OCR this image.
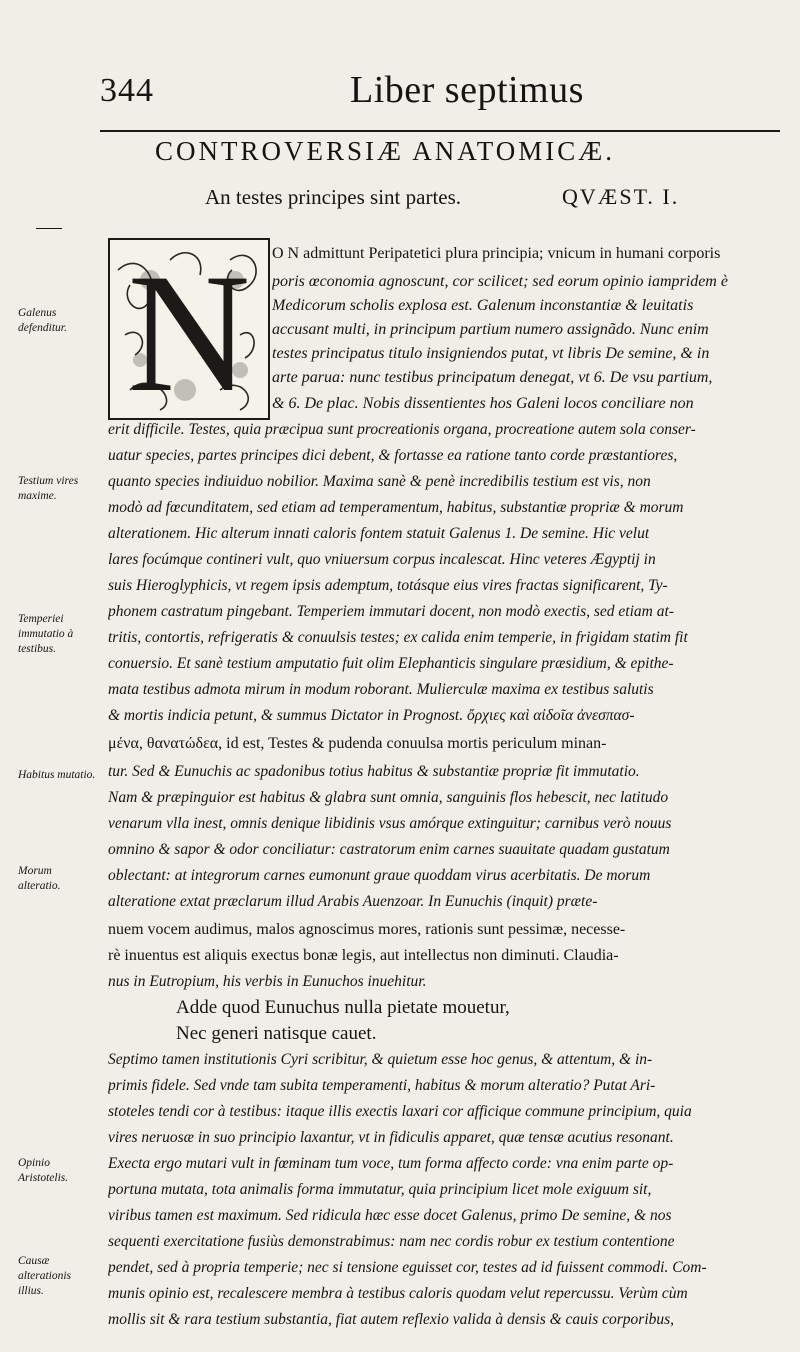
344	Liber septimus
CONTROVERSIÆ ANATOMICÆ.
An testes principes sint partes.	QVÆST. I.
N
Galenus defenditur.
Testium vires maxime.
Temperiei immutatio à testibus.
Habitus mutatio.
Morum alteratio.
Opinio Aristotelis.
Causæ alterationis illius.
O N admittunt Peripatetici plura principia; vnicum in humani corporis
poris œconomia agnoscunt, cor scilicet; sed eorum opinio iampridem è
Medicorum scholis explosa est. Galenum inconstantiæ & leuitatis
accusant multi, in principum partium numero assignãdo. Nunc enim
testes principatus titulo insigniendos putat, vt libris De semine, & in
arte parua: nunc testibus principatum denegat, vt 6. De vsu partium,
& 6. De plac. Nobis dissentientes hos Galeni locos conciliare non
erit difficile. Testes, quia præcipua sunt procreationis organa, procreatione autem sola conser-
uatur species, partes principes dici debent, & fortasse ea ratione tanto corde præstantiores,
quanto species indiuiduo nobilior. Maxima sanè & penè incredibilis testium est vis, non
modò ad fœcunditatem, sed etiam ad temperamentum, habitus, substantiæ propriæ & morum
alterationem. Hic alterum innati caloris fontem statuit Galenus 1. De semine. Hic velut
lares focúmque contineri vult, quo vniuersum corpus incalescat. Hinc veteres Ægyptij in
suis Hieroglyphicis, vt regem ipsis ademptum, totásque eius vires fractas significarent, Ty-
phonem castratum pingebant. Temperiem immutari docent, non modò exectis, sed etiam at-
tritis, contortis, refrigeratis & conuulsis testes; ex calida enim temperie, in frigidam statim fit
conuersio. Et sanè testium amputatio fuit olim Elephanticis singulare præsidium, & epithe-
mata testibus admota mirum in modum roborant. Mulierculæ maxima ex testibus salutis
& mortis indicia petunt, & summus Dictator in Prognost. ὄρχιες καὶ αἰδοῖα ἀνεσπασ-
μένα, θανατώδεα, id est, Testes & pudenda conuulsa mortis periculum minan-
tur. Sed & Eunuchis ac spadonibus totius habitus & substantiæ propriæ fit immutatio.
Nam & præpinguior est habitus & glabra sunt omnia, sanguinis flos hebescit, nec latitudo
venarum vlla inest, omnis denique libidinis vsus amórque extinguitur; carnibus verò nouus
omnino & sapor & odor conciliatur: castratorum enim carnes suauitate quadam gustatum
oblectant: at integrorum carnes eumonunt graue quoddam virus acerbitatis. De morum
alteratione extat præclarum illud Arabis Auenzoar. In Eunuchis (inquit) præte-
nuem vocem audimus, malos agnoscimus mores, rationis sunt pessimæ, necesse-
rè inuentus est aliquis exectus bonæ legis, aut intellectus non diminuti. Claudia-
nus in Eutropium, his verbis in Eunuchos inuehitur.
Adde quod Eunuchus nulla pietate mouetur,
Nec generi natisque cauet.
Septimo tamen institutionis Cyri scribitur, & quietum esse hoc genus, & attentum, & in-
primis fidele. Sed vnde tam subita temperamenti, habitus & morum alteratio? Putat Ari-
stoteles tendi cor à testibus: itaque illis exectis laxari cor afficique commune principium, quia
vires neruosæ in suo principio laxantur, vt in fidiculis apparet, quæ tensæ acutius resonant.
Execta ergo mutari vult in fœminam tum voce, tum forma affecto corde: vna enim parte op-
portuna mutata, tota animalis forma immutatur, quia principium licet mole exiguum sit,
viribus tamen est maximum. Sed ridicula hæc esse docet Galenus, primo De semine, & nos
sequenti exercitatione fusiùs demonstrabimus: nam nec cordis robur ex testium contentione
pendet, sed à propria temperie; nec si tensione eguisset cor, testes ad id fuissent commodi. Com-
munis opinio est, recalescere membra à testibus caloris quodam velut repercussu. Verùm cùm
mollis sit & rara testium substantia, fiat autem reflexio valida à densis & cauis corporibus,
